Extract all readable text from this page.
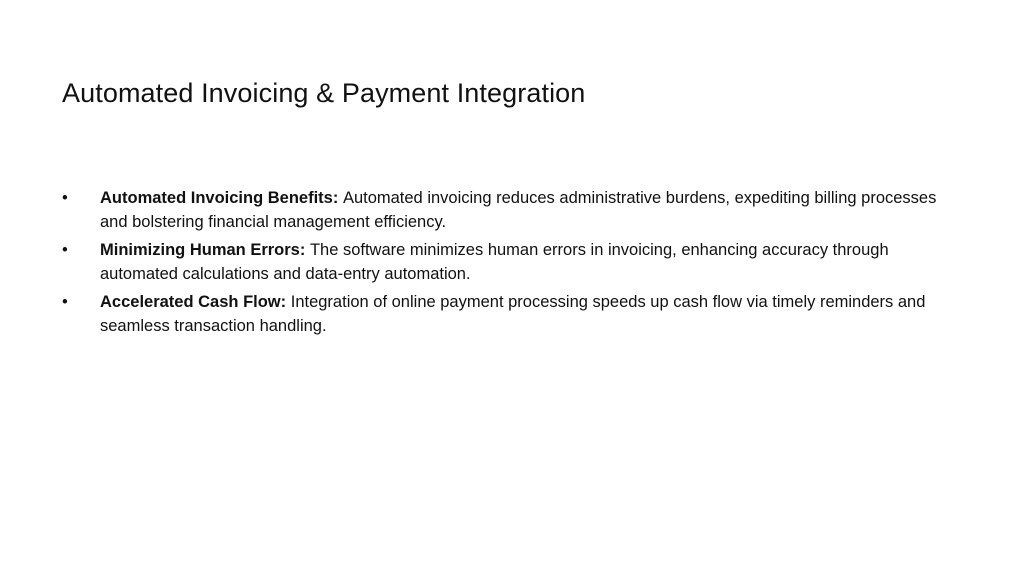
Automated Invoicing & Payment Integration
•	Automated Invoicing Benefits: Automated invoicing reduces administrative burdens, expediting billing processes and bolstering financial management efficiency.
•	Minimizing Human Errors: The software minimizes human errors in invoicing, enhancing accuracy through automated calculations and data-entry automation.
•	Accelerated Cash Flow: Integration of online payment processing speeds up cash flow via timely reminders and seamless transaction handling.
